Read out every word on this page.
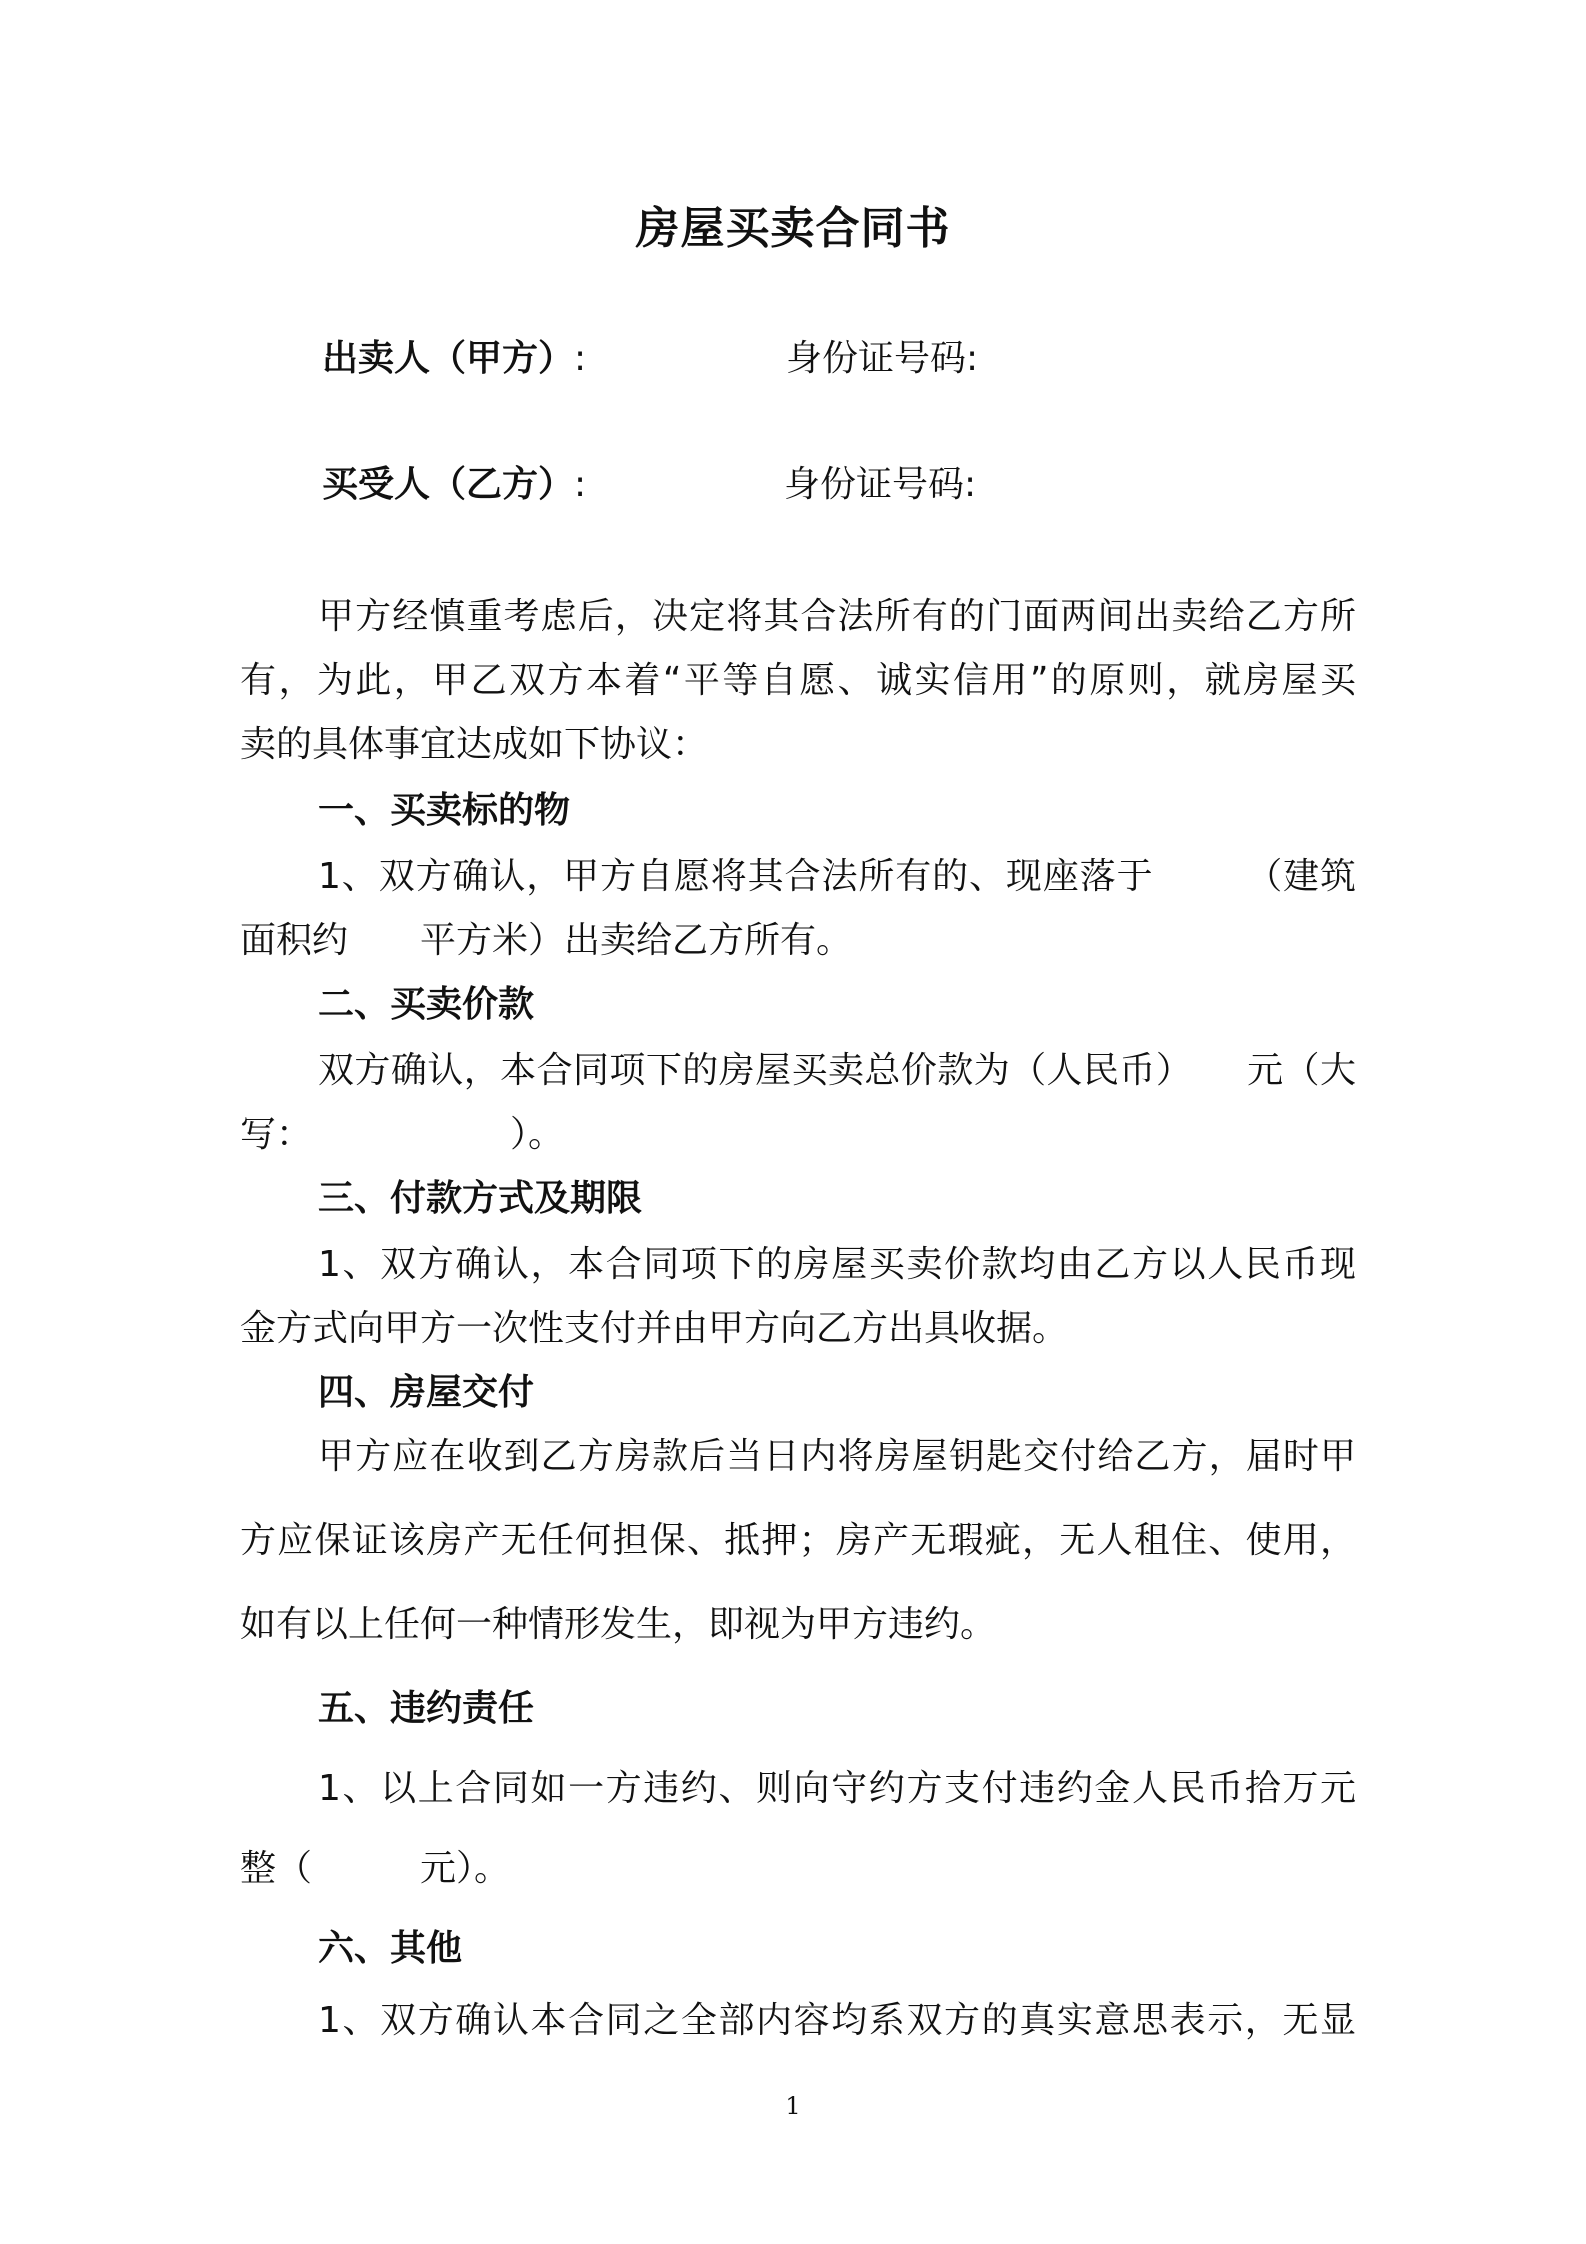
房屋买卖合同书
出卖人（甲方）:	身份证号码:
买受人（乙方）:	身份证号码:
甲方经慎重考虑后，决定将其合法所有的门面两间出卖给乙方所
有，为此，甲乙双方本着“平等自愿、诚实信用”的原则，就房屋买
卖的具体事宜达成如下协议：
一、买卖标的物
1、双方确认，甲方自愿将其合法所有的、现座落于　　　（建筑
面积约　　平方米）出卖给乙方所有。
二、买卖价款
双方确认，本合同项下的房屋买卖总价款为（人民币）　　元（大
写：　　　　　　）。
三、付款方式及期限
1、双方确认，本合同项下的房屋买卖价款均由乙方以人民币现
金方式向甲方一次性支付并由甲方向乙方出具收据。
四、房屋交付
甲方应在收到乙方房款后当日内将房屋钥匙交付给乙方，届时甲
方应保证该房产无任何担保、抵押；房产无瑕疵，无人租住、使用，
如有以上任何一种情形发生，即视为甲方违约。
五、违约责任
1、以上合同如一方违约、则向守约方支付违约金人民币拾万元
整（　　　元）。
六、其他
1、双方确认本合同之全部内容均系双方的真实意思表示，无显
1
